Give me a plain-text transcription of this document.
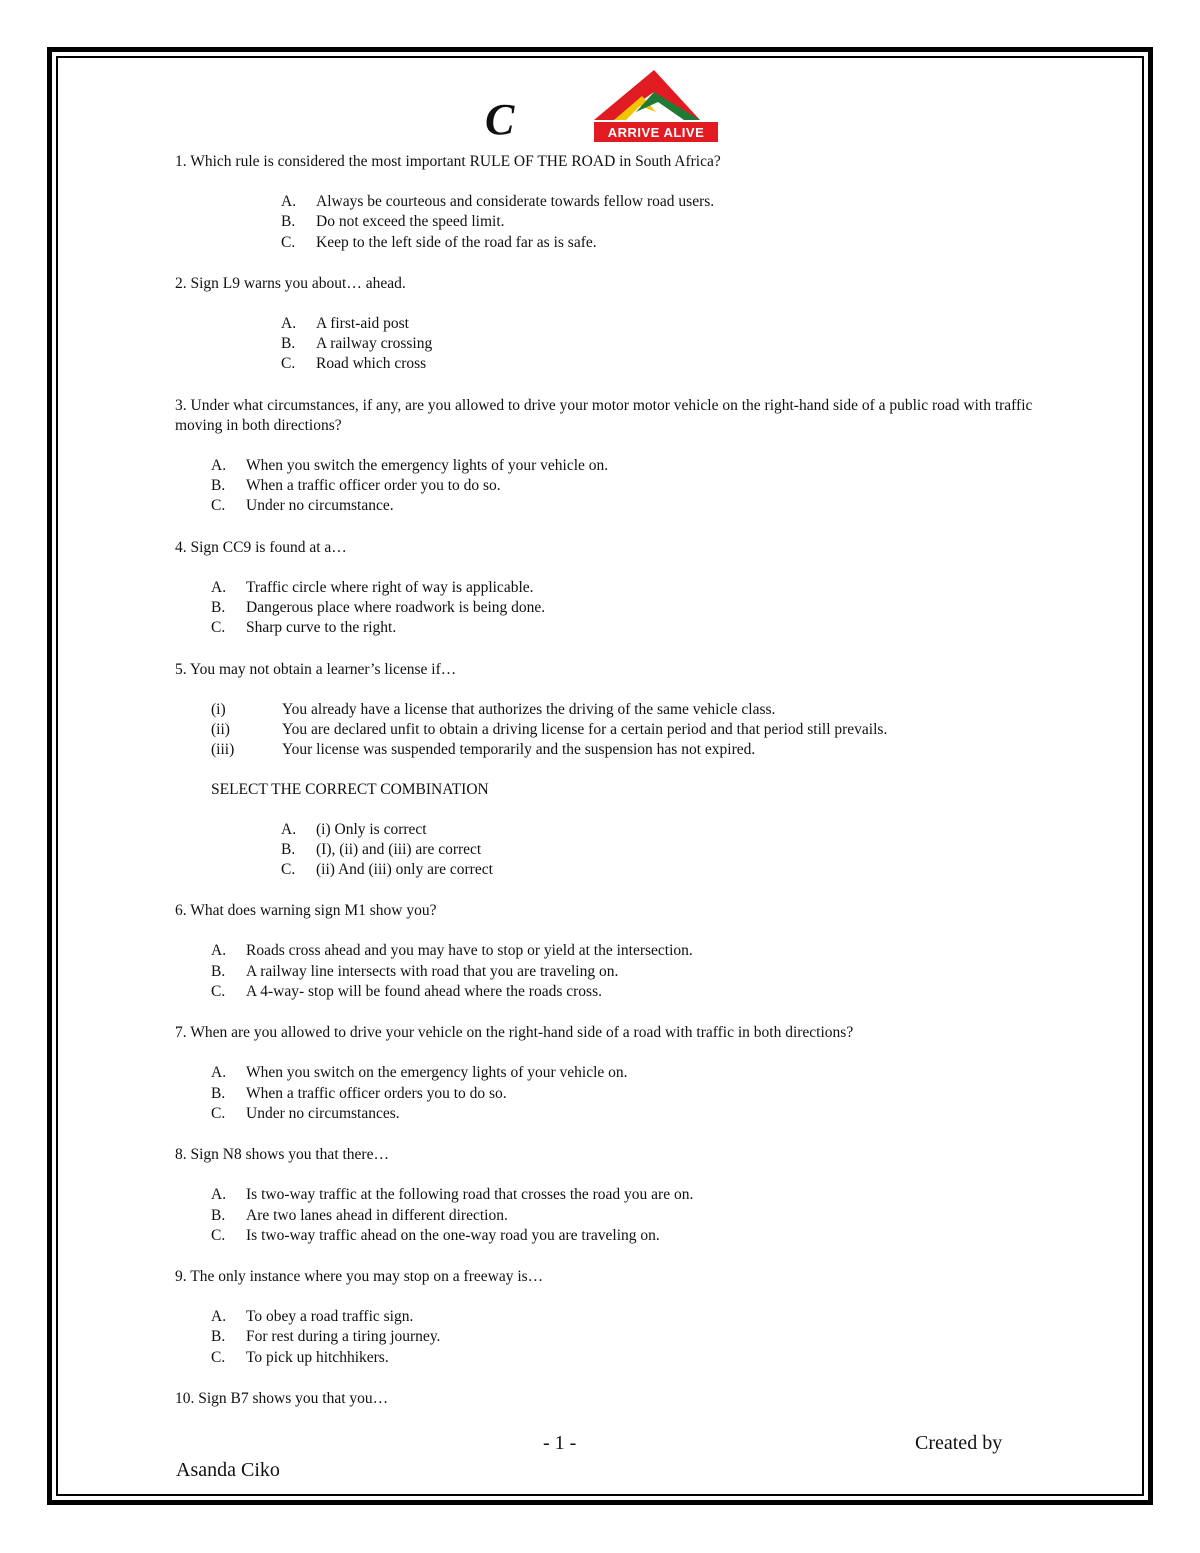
C	ARRIVE ALIVE

1. Which rule is considered the most important RULE OF THE ROAD in South Africa?

A.	Always be courteous and considerate towards fellow road users.
B.	Do not exceed the speed limit.
C.	Keep to the left side of the road far as is safe.

2. Sign L9 warns you about… ahead.

A.	A first-aid post
B.	A railway crossing
C.	Road which cross

3. Under what circumstances, if any, are you allowed to drive your motor motor vehicle on the right-hand side of a public road with traffic moving in both directions?

A.	When you switch the emergency lights of your vehicle on.
B.	When a traffic officer order you to do so.
C.	Under no circumstance.

4. Sign CC9 is found at a…

A.	Traffic circle where right of way is applicable.
B.	Dangerous place where roadwork is being done.
C.	Sharp curve to the right.

5. You may not obtain a learner’s license if…

(i)	You already have a license that authorizes the driving of the same vehicle class.
(ii)	You are declared unfit to obtain a driving license for a certain period and that period still prevails.
(iii)	Your license was suspended temporarily and the suspension has not expired.

SELECT THE CORRECT COMBINATION

A.	(i) Only is correct
B.	(I), (ii) and (iii) are correct
C.	(ii) And (iii) only are correct

6. What does warning sign M1 show you?

A.	Roads cross ahead and you may have to stop or yield at the intersection.
B.	A railway line intersects with road that you are traveling on.
C.	A 4-way- stop will be found ahead where the roads cross.

7. When are you allowed to drive your vehicle on the right-hand side of a road with traffic in both directions?

A.	When you switch on the emergency lights of your vehicle on.
B.	When a traffic officer orders you to do so.
C.	Under no circumstances.

8. Sign N8 shows you that there…

A.	Is two-way traffic at the following road that crosses the road you are on.
B.	Are two lanes ahead in different direction.
C.	Is two-way traffic ahead on the one-way road you are traveling on.

9. The only instance where you may stop on a freeway is…

A.	To obey a road traffic sign.
B.	For rest during a tiring journey.
C.	To pick up hitchhikers.

10. Sign B7 shows you that you…

- 1 -	Created by
Asanda Ciko
